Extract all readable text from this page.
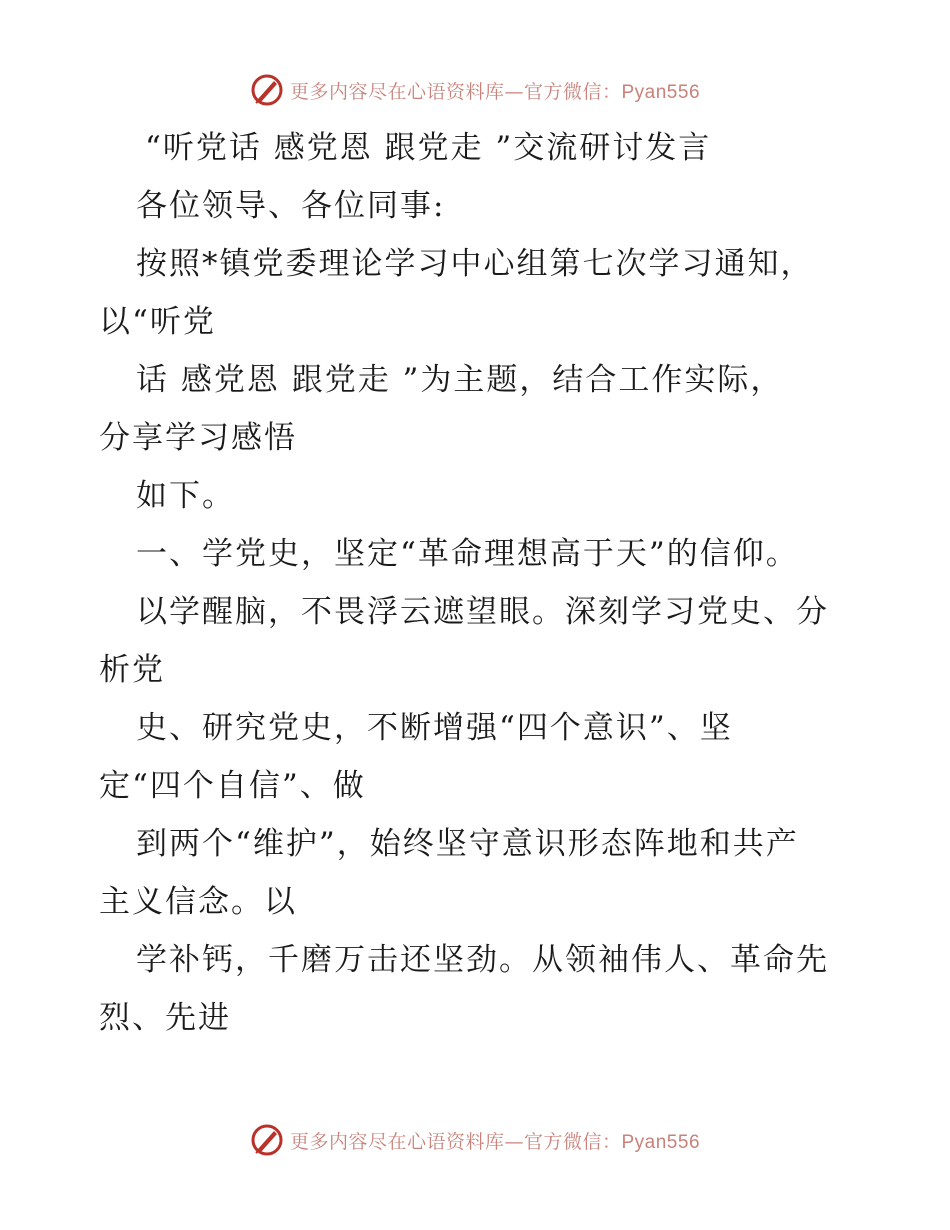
更多内容尽在心语资料库—官方微信：Pyan556
“听党话 感党恩 跟党走 ”交流研讨发言
各位领导、各位同事:
按照*镇党委理论学习中心组第七次学习通知，
以“听党
话 感党恩 跟党走 ”为主题，结合工作实际，
分享学习感悟
如下。
一、学党史，坚定“革命理想高于天”的信仰。
以学醒脑，不畏浮云遮望眼。深刻学习党史、分
析党
史、研究党史，不断增强“四个意识”、坚
定“四个自信”、做
到两个“维护”，始终坚守意识形态阵地和共产
主义信念。以
学补钙，千磨万击还坚劲。从领袖伟人、革命先
烈、先进
更多内容尽在心语资料库—官方微信：Pyan556
